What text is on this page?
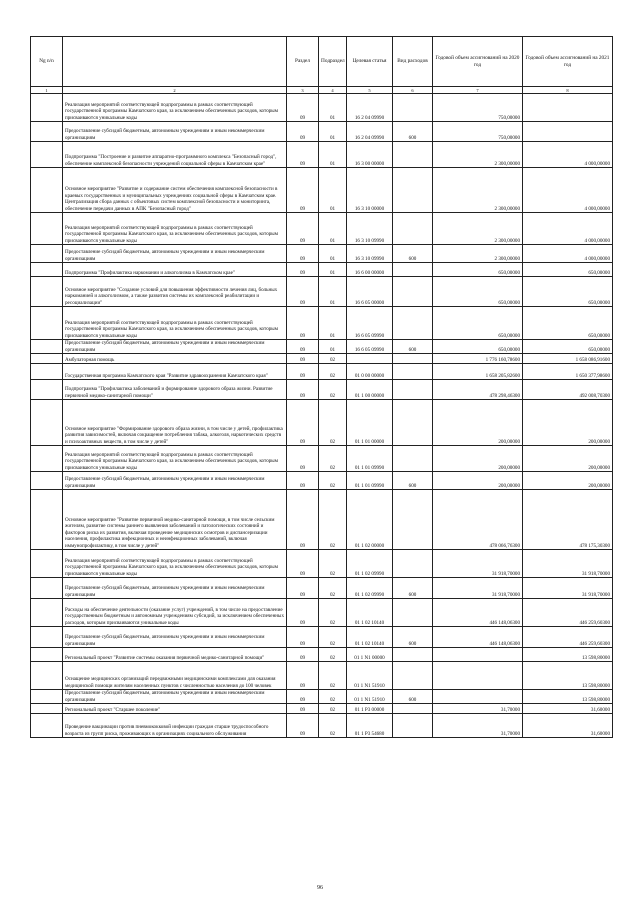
Ng n/n		Раздел	Подраздел	Целевая статья	Вид расходов	Годовой объем ассигнований на 2020 год	Годовой объем ассигнований на 2021 год
1	2	3	4	5	6	7	8
	Реализация мероприятий соответствующей подпрограммы в рамках соответствующей государственной программы Камчатского края, за исключением обеспеченных расходов, которым присваиваются уникальные коды	09	01	16 2 04 09990		750,00000	
	Предоставление субсидий бюджетным, автономным учреждениям и иным некоммерческим организациям	09	01	16 2 04 09990	600	750,00000	
	Подпрограмма "Построение и развитие аппаратно-программного комплекса "Безопасный город", обеспечение комплексной безопасности учреждений социальной сферы в Камчатском крае"	09	01	16 3 00 00000		2 300,00000	4 000,00000
	Основное мероприятие "Развитие и содержание систем обеспечения комплексной безопасности в краевых государственных и муниципальных учреждениях социальной сферы в Камчатском крае. Централизация сбора данных с объектовых систем комплексной безопасности и мониторинга, обеспечение передачи данных в АПК "Безопасный город"	09	01	16 3 10 00000		2 300,00000	4 000,00000
	Реализация мероприятий соответствующей подпрограммы в рамках соответствующей государственной программы Камчатского края, за исключением обеспеченных расходов, которым присваиваются уникальные коды	09	01	16 3 10 09990		2 300,00000	4 000,00000
	Предоставление субсидий бюджетным, автономным учреждениям и иным некоммерческим организациям	09	01	16 3 10 09990	600	2 300,00000	4 000,00000
	Подпрограмма "Профилактика наркомании и алкоголизма в Камчатском крае"	09	01	16 6 00 00000		650,00000	650,00000
	Основное мероприятие "Создание условий для повышения эффективности лечения лиц, больных наркоманией и алкоголизмом, а также развития системы их комплексной реабилитации и ресоциализации"	09	01	16 6 05 00000		650,00000	650,00000
	Реализация мероприятий соответствующей подпрограммы в рамках соответствующей государственной программы Камчатского края, за исключением обеспеченных расходов, которым присваиваются уникальные коды	09	01	16 6 05 09990		650,00000	650,00000
	Предоставление субсидий бюджетным, автономным учреждениям и иным некоммерческим организациям	09	01	16 6 05 09990	600	650,00000	650,00000
	Амбулаторная помощь	09	02			1 776 160,78600	1 658 086,91600
	Государственная программа Камчатского края "Развитие здравоохранения Камчатского края"	09	02	01 0 00 00000		1 658 205,82600	1 650 377,98600
	Подпрограмма "Профилактика заболеваний и формирование здорового образа жизни. Развитие первичной медико-санитарной помощи"	09	02	01 1 00 00000		478 298,46300	492 008,70300
	Основное мероприятие "Формирование здорового образа жизни, в том числе у детей, профилактика развития зависимостей, включая сокращение потребления табака, алкоголя, наркотических средств и психоактивных веществ, в том числе у детей"	09	02	01 1 01 00000		200,00000	200,00000
	Реализация мероприятий соответствующей подпрограммы в рамках соответствующей государственной программы Камчатского края, за исключением обеспеченных расходов, которым присваиваются уникальные коды	09	02	01 1 01 09990		200,00000	200,00000
	Предоставление субсидий бюджетным, автономным учреждениям и иным некоммерческим организациям	09	02	01 1 01 09990	600	200,00000	200,00000
	Основное мероприятие "Развитие первичной медико-санитарной помощи, в том числе сельским жителям, развитие системы раннего выявления заболеваний и патологических состояний и факторов риска их развития, включая проведение медицинских осмотров и диспансеризации населения, профилактика инфекционных и неинфекционных заболеваний, включая иммунопрофилактику, в том числе у детей"	09	02	01 1 02 00000		478 066,76300	478 175,30300
	Реализация мероприятий соответствующей подпрограммы в рамках соответствующей государственной программы Камчатского края, за исключением обеспеченных расходов, которым присваиваются уникальные коды	09	02	01 1 02 09990		31 918,70000	31 918,70000
	Предоставление субсидий бюджетным, автономным учреждениям и иным некоммерческим организациям	09	02	01 1 02 09990	600	31 918,70000	31 918,70000
	Расходы на обеспечение деятельности (оказание услуг) учреждений, в том числе на предоставление государственным бюджетным и автономным учреждениям субсидий, за исключением обеспеченных расходов, которым присваиваются уникальные коды	09	02	01 1 02 10140		446 148,06300	446 259,60300
	Предоставление субсидий бюджетным, автономным учреждениям и иным некоммерческим организациям	09	02	01 1 02 10140	600	446 148,06300	446 259,60300
	Региональный проект "Развитие системы оказания первичной медико-санитарной помощи"	09	02	01 1 N1 00000			13 598,80000
	Оснащение медицинских организаций передвижными медицинскими комплексами для оказания медицинской помощи жителям населенных пунктов с численностью населения до 100 человек	09	02	01 1 N1 51910			13 598,80000
	Предоставление субсидий бюджетным, автономным учреждениям и иным некоммерческим организациям	09	02	01 1 N1 51910	600		13 598,80000
	Региональный проект "Старшее поколение"	09	02	01 1 P3 00000		31,70000	31,60000
	Проведение вакцинации против пневмококковой инфекции граждан старше трудоспособного возраста из групп риска, проживающих в организациях социального обслуживания	09	02	01 1 P3 54680		31,70000	31,60000
96
